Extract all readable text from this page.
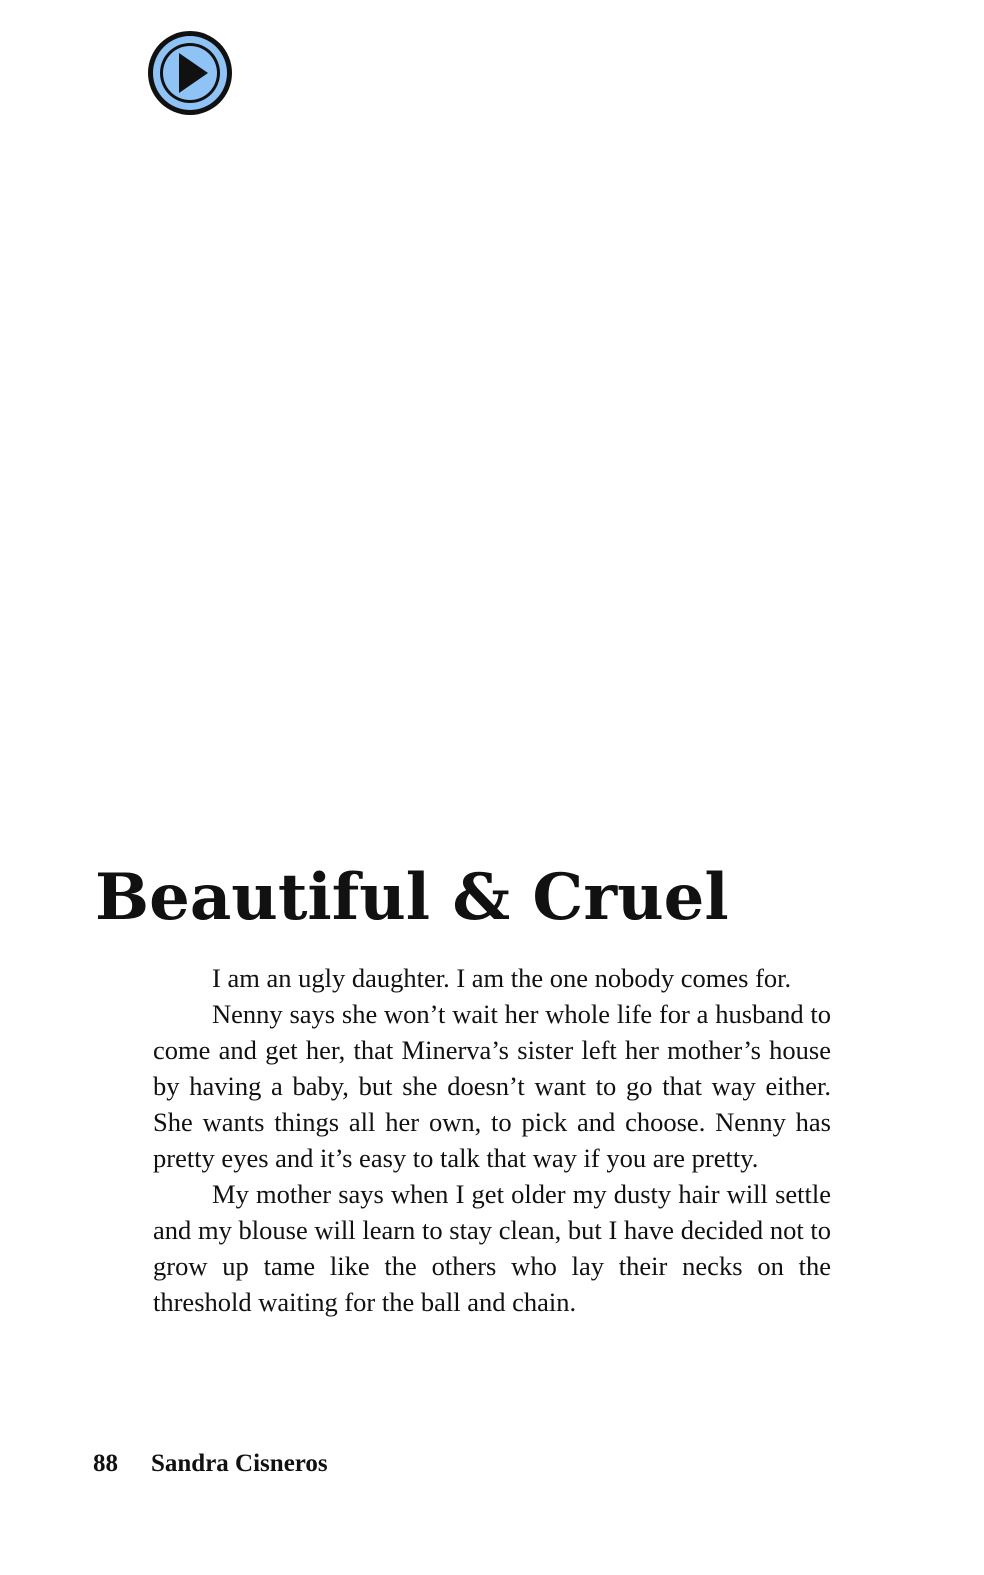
Beautiful & Cruel

I am an ugly daughter. I am the one nobody comes for.

Nenny says she won’t wait her whole life for a husband to come and get her, that Minerva’s sister left her mother’s house by having a baby, but she doesn’t want to go that way either. She wants things all her own, to pick and choose. Nenny has pretty eyes and it’s easy to talk that way if you are pretty.

My mother says when I get older my dusty hair will settle and my blouse will learn to stay clean, but I have decided not to grow up tame like the others who lay their necks on the threshold waiting for the ball and chain.

88 Sandra Cisneros
